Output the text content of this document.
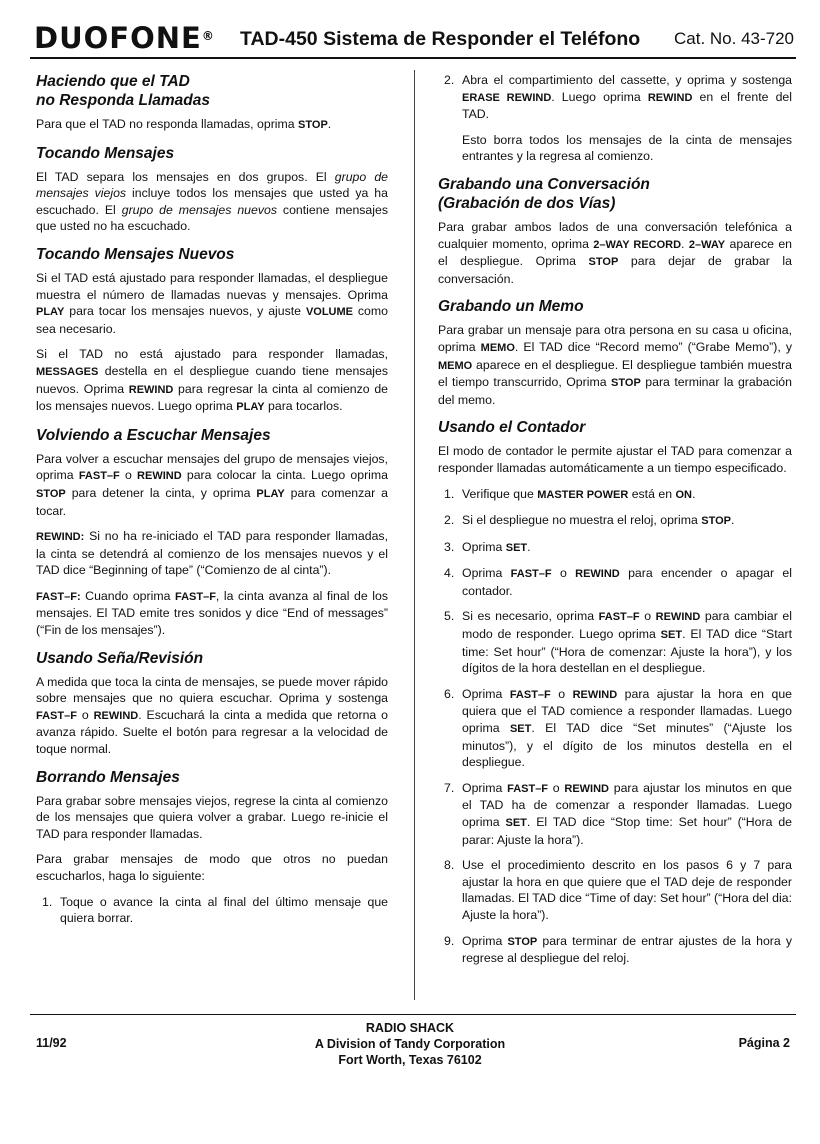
DUOFONE® TAD-450 Sistema de Responder el Teléfono Cat. No. 43-720
Haciendo que el TAD
no Responda Llamadas

Para que el TAD no responda llamadas, oprima STOP.

Tocando Mensajes

El TAD separa los mensajes en dos grupos. El grupo de mensajes viejos incluye todos los mensajes que usted ya ha escuchado. El grupo de mensajes nuevos contiene mensajes que usted no ha escuchado.

Tocando Mensajes Nuevos

Si el TAD está ajustado para responder llamadas, el despliegue muestra el número de llamadas nuevas y mensajes. Oprima PLAY para tocar los mensajes nuevos, y ajuste VOLUME como sea necesario.

Si el TAD no está ajustado para responder llamadas, MESSAGES destella en el despliegue cuando tiene mensajes nuevos. Oprima REWIND para regresar la cinta al comienzo de los mensajes nuevos. Luego oprima PLAY para tocarlos.

Volviendo a Escuchar Mensajes

Para volver a escuchar mensajes del grupo de mensajes viejos, oprima FAST–F o REWIND para colocar la cinta. Luego oprima STOP para detener la cinta, y oprima PLAY para comenzar a tocar.

REWIND: Si no ha re-iniciado el TAD para responder llamadas, la cinta se detendrá al comienzo de los mensajes nuevos y el TAD dice “Beginning of tape” (“Comienzo de al cinta”).

FAST–F: Cuando oprima FAST–F, la cinta avanza al final de los mensajes. El TAD emite tres sonidos y dice “End of messages” (“Fin de los mensajes”).

Usando Seña/Revisión

A medida que toca la cinta de mensajes, se puede mover rápido sobre mensajes que no quiera escuchar. Oprima y sostenga FAST–F o REWIND. Escuchará la cinta a medida que retorna o avanza rápido. Suelte el botón para regresar a la velocidad de toque normal.

Borrando Mensajes

Para grabar sobre mensajes viejos, regrese la cinta al comienzo de los mensajes que quiera volver a grabar. Luego re-inicie el TAD para responder llamadas.

Para grabar mensajes de modo que otros no puedan escucharlos, haga lo siguiente:

1. Toque o avance la cinta al final del último mensaje que quiera borrar.
2. Abra el compartimiento del cassette, y oprima y sostenga ERASE REWIND. Luego oprima REWIND en el frente del TAD.

Esto borra todos los mensajes de la cinta de mensajes entrantes y la regresa al comienzo.

Grabando una Conversación
(Grabación de dos Vías)

Para grabar ambos lados de una conversación telefónica a cualquier momento, oprima 2–WAY RECORD. 2–WAY aparece en el despliegue. Oprima STOP para dejar de grabar la conversación.

Grabando un Memo

Para grabar un mensaje para otra persona en su casa u oficina, oprima MEMO. El TAD dice “Record memo” (“Grabe Memo”), y MEMO aparece en el despliegue. El despliegue también muestra el tiempo transcurrido, Oprima STOP para terminar la grabación del memo.

Usando el Contador

El modo de contador le permite ajustar el TAD para comenzar a responder llamadas automáticamente a un tiempo especificado.

1. Verifique que MASTER POWER está en ON.
2. Si el despliegue no muestra el reloj, oprima STOP.
3. Oprima SET.
4. Oprima FAST–F o REWIND para encender o apagar el contador.
5. Si es necesario, oprima FAST–F o REWIND para cambiar el modo de responder. Luego oprima SET. El TAD dice “Start time: Set hour” (“Hora de comenzar: Ajuste la hora”), y los dígitos de la hora destellan en el despliegue.
6. Oprima FAST–F o REWIND para ajustar la hora en que quiera que el TAD comience a responder llamadas. Luego oprima SET. El TAD dice “Set minutes” (“Ajuste los minutos”), y el dígito de los minutos destella en el despliegue.
7. Oprima FAST–F o REWIND para ajustar los minutos en que el TAD ha de comenzar a responder llamadas. Luego oprima SET. El TAD dice “Stop time: Set hour” (“Hora de parar: Ajuste la hora”).
8. Use el procedimiento descrito en los pasos 6 y 7 para ajustar la hora en que quiere que el TAD deje de responder llamadas. El TAD dice “Time of day: Set hour” (“Hora del dia: Ajuste la hora”).
9. Oprima STOP para terminar de entrar ajustes de la hora y regrese al despliegue del reloj.
11/92
RADIO SHACK
A Division of Tandy Corporation
Fort Worth, Texas 76102
Página 2
